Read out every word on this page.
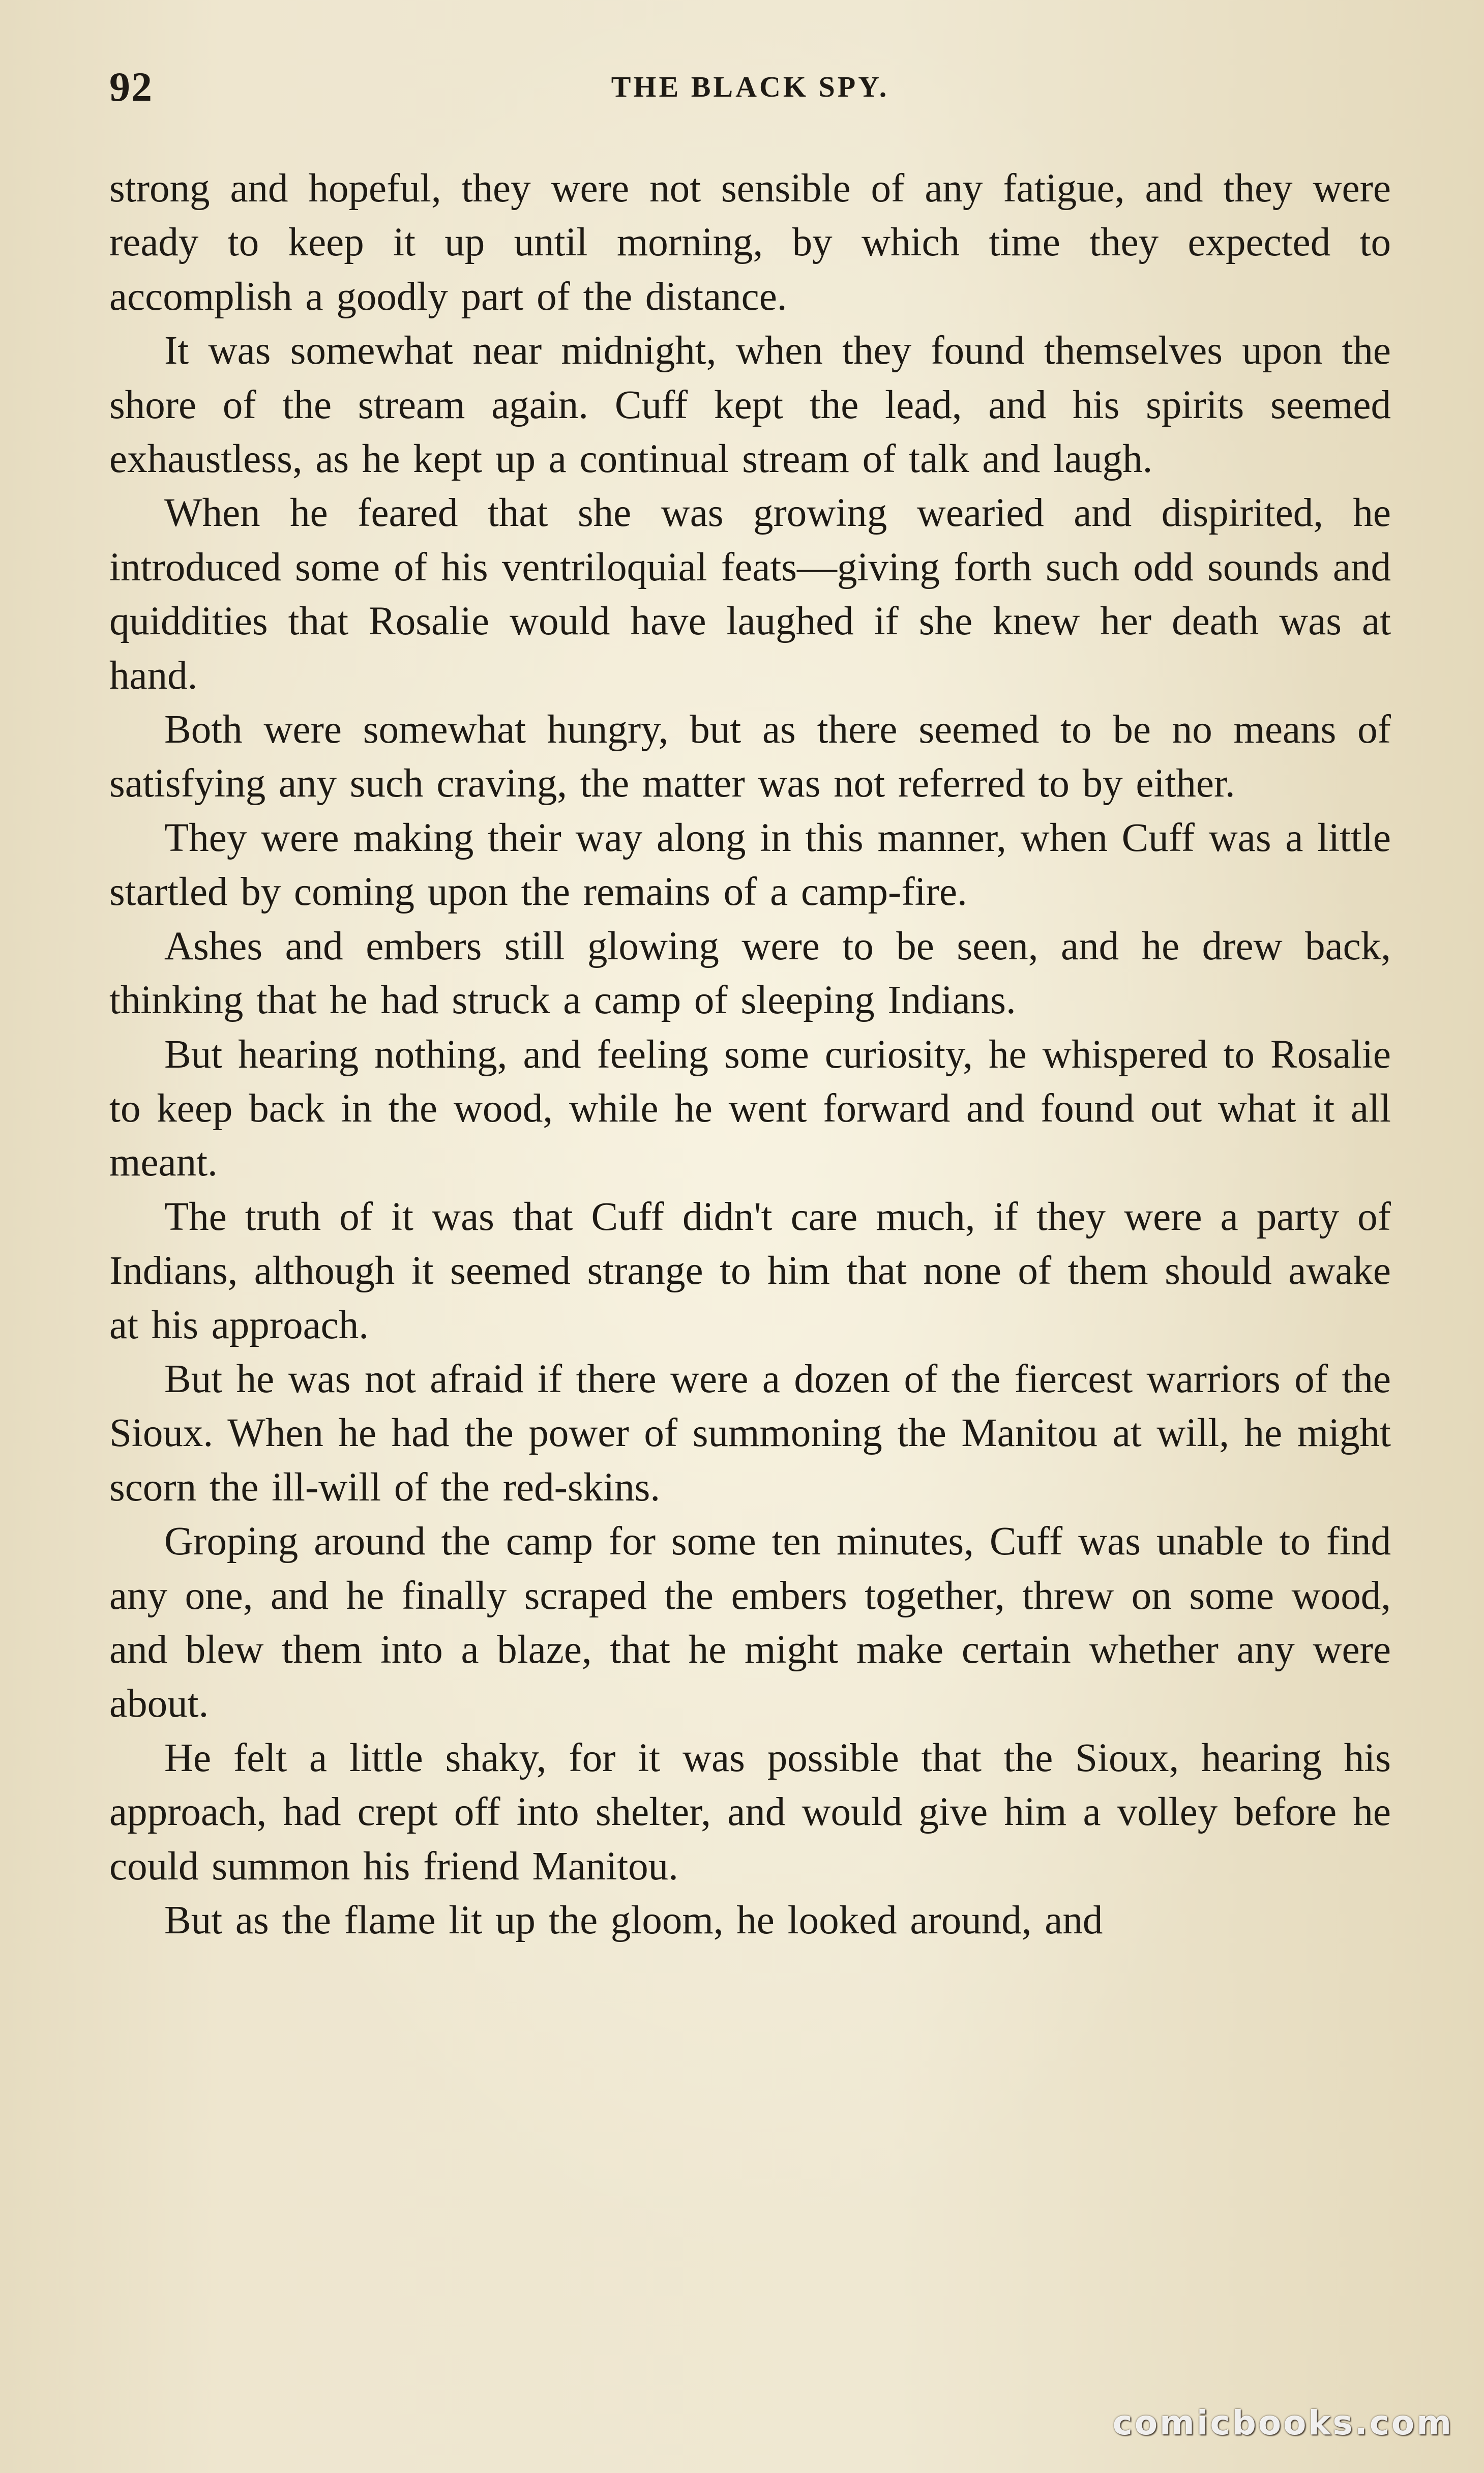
92	THE BLACK SPY.

strong and hopeful, they were not sensible of any fatigue, and they were ready to keep it up until morning, by which time they expected to accomplish a goodly part of the distance.

It was somewhat near midnight, when they found themselves upon the shore of the stream again. Cuff kept the lead, and his spirits seemed exhaustless, as he kept up a continual stream of talk and laugh.

When he feared that she was growing wearied and dispirited, he introduced some of his ventriloquial feats—giving forth such odd sounds and quiddities that Rosalie would have laughed if she knew her death was at hand.

Both were somewhat hungry, but as there seemed to be no means of satisfying any such craving, the matter was not referred to by either.

They were making their way along in this manner, when Cuff was a little startled by coming upon the remains of a camp-fire.

Ashes and embers still glowing were to be seen, and he drew back, thinking that he had struck a camp of sleeping Indians.

But hearing nothing, and feeling some curiosity, he whispered to Rosalie to keep back in the wood, while he went forward and found out what it all meant.

The truth of it was that Cuff didn't care much, if they were a party of Indians, although it seemed strange to him that none of them should awake at his approach.

But he was not afraid if there were a dozen of the fiercest warriors of the Sioux. When he had the power of summoning the Manitou at will, he might scorn the ill-will of the red-skins.

Groping around the camp for some ten minutes, Cuff was unable to find any one, and he finally scraped the embers together, threw on some wood, and blew them into a blaze, that he might make certain whether any were about.

He felt a little shaky, for it was possible that the Sioux, hearing his approach, had crept off into shelter, and would give him a volley before he could summon his friend Manitou.

But as the flame lit up the gloom, he looked around, and

comicbooks.com
